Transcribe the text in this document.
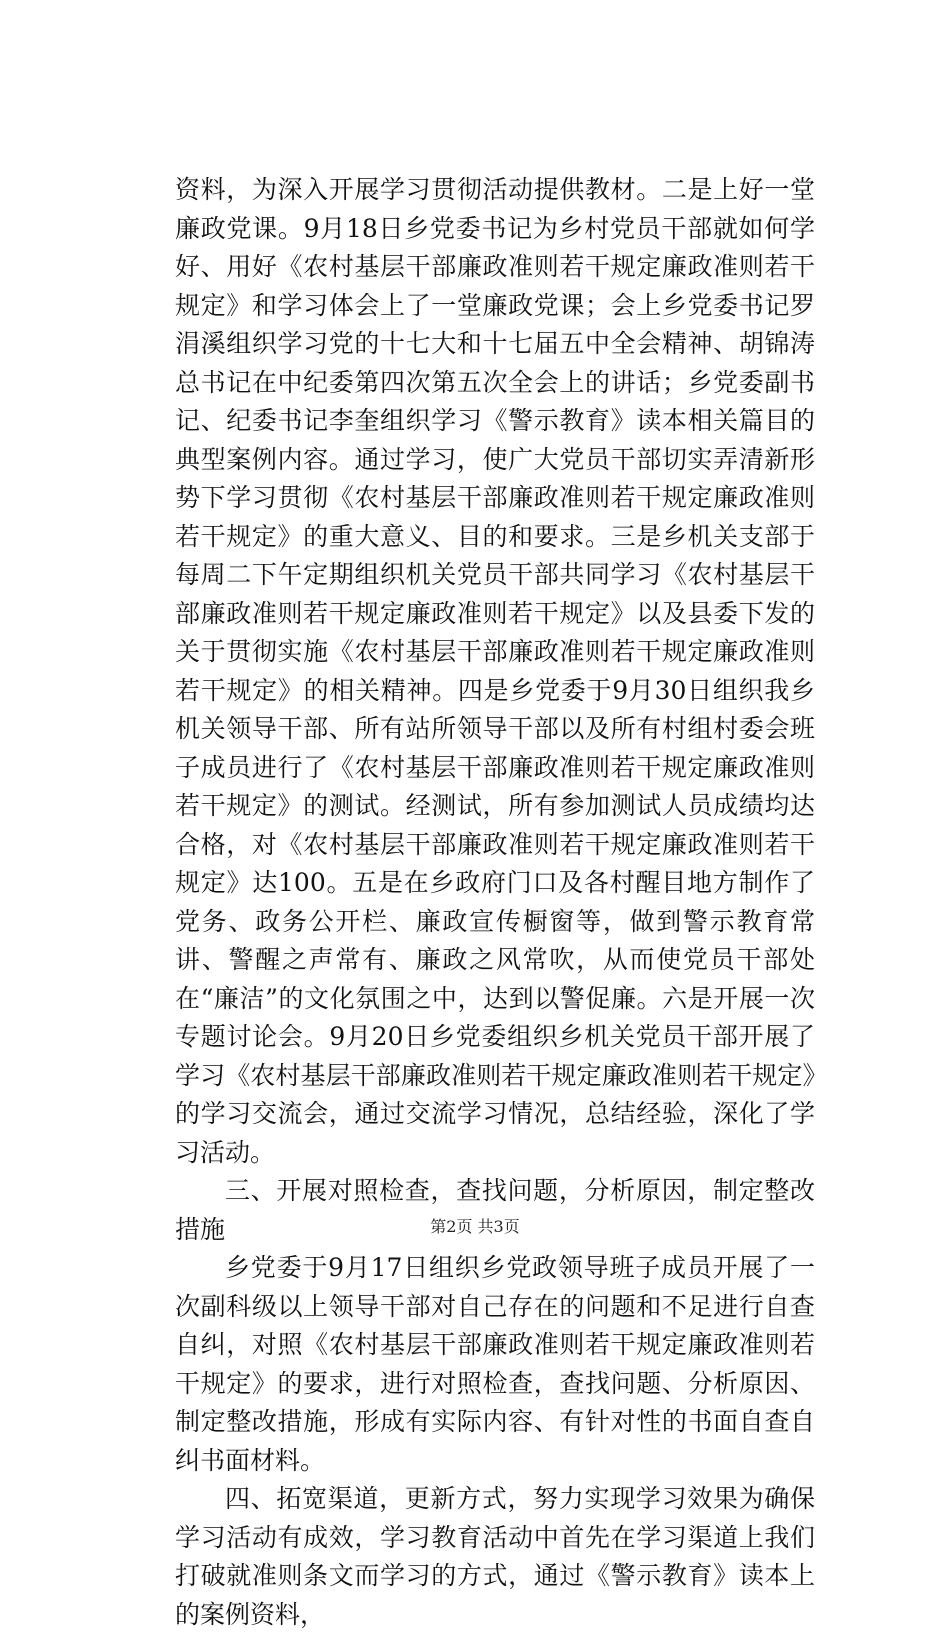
资料，为深入开展学习贯彻活动提供教材。二是上好一堂廉政党课。9月18日乡党委书记为乡村党员干部就如何学好、用好《农村基层干部廉政准则若干规定廉政准则若干规定》和学习体会上了一堂廉政党课；会上乡党委书记罗涓溪组织学习党的十七大和十七届五中全会精神、胡锦涛总书记在中纪委第四次第五次全会上的讲话；乡党委副书记、纪委书记李奎组织学习《警示教育》读本相关篇目的典型案例内容。通过学习，使广大党员干部切实弄清新形势下学习贯彻《农村基层干部廉政准则若干规定廉政准则若干规定》的重大意义、目的和要求。三是乡机关支部于每周二下午定期组织机关党员干部共同学习《农村基层干部廉政准则若干规定廉政准则若干规定》以及县委下发的关于贯彻实施《农村基层干部廉政准则若干规定廉政准则若干规定》的相关精神。四是乡党委于9月30日组织我乡机关领导干部、所有站所领导干部以及所有村组村委会班子成员进行了《农村基层干部廉政准则若干规定廉政准则若干规定》的测试。经测试，所有参加测试人员成绩均达合格，对《农村基层干部廉政准则若干规定廉政准则若干规定》达100。五是在乡政府门口及各村醒目地方制作了党务、政务公开栏、廉政宣传橱窗等，做到警示教育常讲、警醒之声常有、廉政之风常吹，从而使党员干部处在“廉洁”的文化氛围之中，达到以警促廉。六是开展一次专题讨论会。9月20日乡党委组织乡机关党员干部开展了学习《农村基层干部廉政准则若干规定廉政准则若干规定》的学习交流会，通过交流学习情况，总结经验，深化了学习活动。

三、开展对照检查，查找问题，分析原因，制定整改措施

乡党委于9月17日组织乡党政领导班子成员开展了一次副科级以上领导干部对自己存在的问题和不足进行自查自纠，对照《农村基层干部廉政准则若干规定廉政准则若干规定》的要求，进行对照检查，查找问题、分析原因、制定整改措施，形成有实际内容、有针对性的书面自查自纠书面材料。

四、拓宽渠道，更新方式，努力实现学习效果为确保学习活动有成效，学习教育活动中首先在学习渠道上我们打破就准则条文而学习的方式，通过《警示教育》读本上的案例资料，

第2页 共3页
